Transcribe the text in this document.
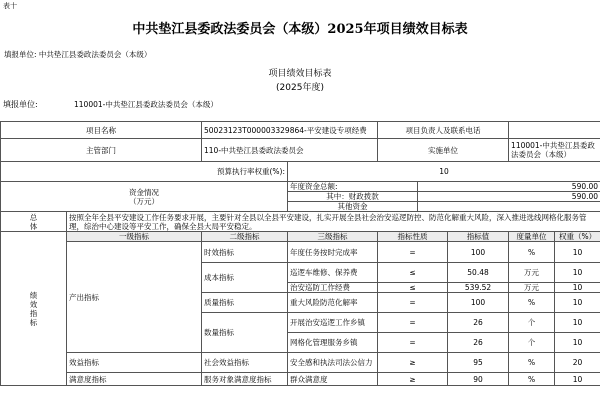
表十
中共垫江县委政法委员会（本级）2025年项目绩效目标表
填报单位: 中共垫江县委政法委员会（本级）
项目绩效目标表
(2025年度)
填报单位:	110001-中共垫江县委政法委员会（本级）
项目名称		50023123T000003329864-平安建设专项经费		项目负责人及联系电话				
主管部门		110-中共垫江县委政法委员会		实施单位			110001-中共垫江县委政法委员会（本级）	
预算执行率权重(%):			10					
资金情况
（万元）			年度资金总额:		590.00			
			其中：财政拨款		590.00			
			其他资金					
总
体	按照全年全县平安建设工作任务要求开展，主要针对全县以全县平安建设，扎实开展全县社会治安巡逻防控、防范化解重大风险，深入推进选线网格化服务管理，综治中心建设等平安工作，确保全县大局平安稳定。							
绩
效
指
标	一级指标	二级指标	三级指标	指标性质		指标值	度量单位	权重（%）
	产出指标	时效指标	年度任务按时完成率	=		100	%	10
		成本指标	巡逻车维修、保养费	≤		50.48	万元	10
			治安巡防工作经费	≤		539.52	万元	10
		质量指标	重大风险防范化解率	=		100	%	10
		数量指标	开展治安巡逻工作乡镇	=		26	个	10
			网格化管理服务乡镇	=		26	个	10
	效益指标	社会效益指标	安全感和执法司法公信力	≥		95	%	20
	满意度指标	服务对象满意度指标	群众满意度	≥		90	%	10
